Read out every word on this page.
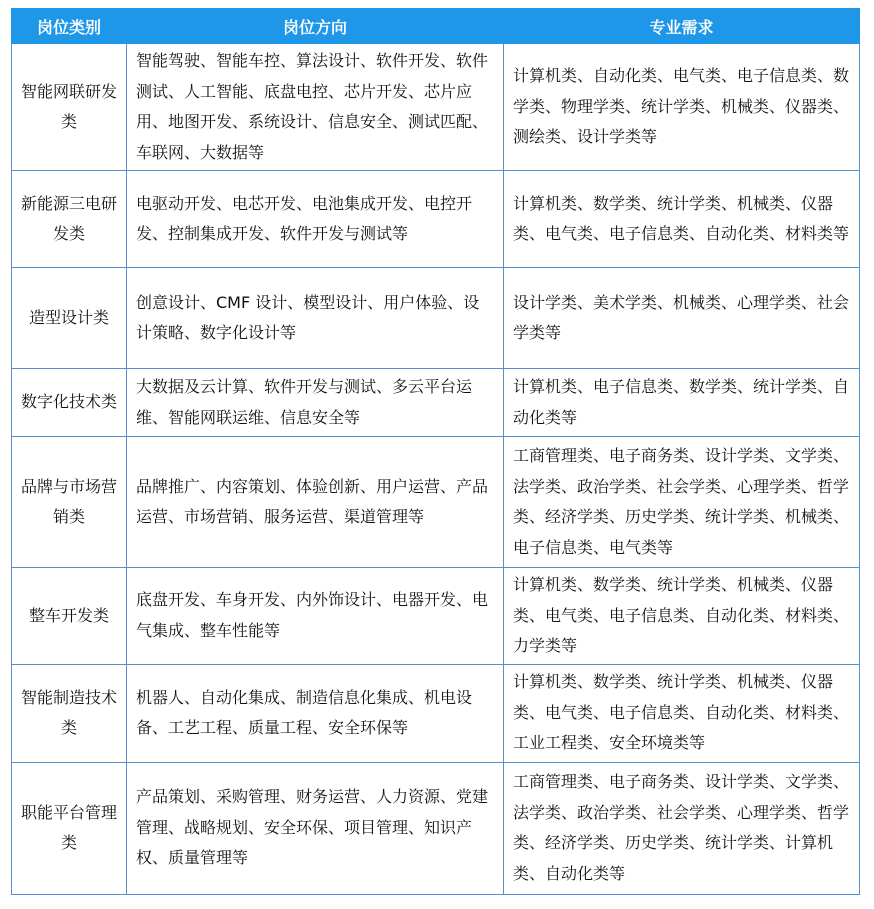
岗位类别	岗位方向	专业需求
智能网联研发类	智能驾驶、智能车控、算法设计、软件开发、软件测试、人工智能、底盘电控、芯片开发、芯片应用、地图开发、系统设计、信息安全、测试匹配、车联网、大数据等	计算机类、自动化类、电气类、电子信息类、数学类、物理学类、统计学类、机械类、仪器类、测绘类、设计学类等
新能源三电研发类	电驱动开发、电芯开发、电池集成开发、电控开发、控制集成开发、软件开发与测试等	计算机类、数学类、统计学类、机械类、仪器类、电气类、电子信息类、自动化类、材料类等
造型设计类	创意设计、CMF 设计、模型设计、用户体验、设计策略、数字化设计等	设计学类、美术学类、机械类、心理学类、社会学类等
数字化技术类	大数据及云计算、软件开发与测试、多云平台运维、智能网联运维、信息安全等	计算机类、电子信息类、数学类、统计学类、自动化类等
品牌与市场营销类	品牌推广、内容策划、体验创新、用户运营、产品运营、市场营销、服务运营、渠道管理等	工商管理类、电子商务类、设计学类、文学类、法学类、政治学类、社会学类、心理学类、哲学类、经济学类、历史学类、统计学类、机械类、电子信息类、电气类等
整车开发类	底盘开发、车身开发、内外饰设计、电器开发、电气集成、整车性能等	计算机类、数学类、统计学类、机械类、仪器类、电气类、电子信息类、自动化类、材料类、力学类等
智能制造技术类	机器人、自动化集成、制造信息化集成、机电设备、工艺工程、质量工程、安全环保等	计算机类、数学类、统计学类、机械类、仪器类、电气类、电子信息类、自动化类、材料类、工业工程类、安全环境类等
职能平台管理类	产品策划、采购管理、财务运营、人力资源、党建管理、战略规划、安全环保、项目管理、知识产权、质量管理等	工商管理类、电子商务类、设计学类、文学类、法学类、政治学类、社会学类、心理学类、哲学类、经济学类、历史学类、统计学类、计算机类、自动化类等
